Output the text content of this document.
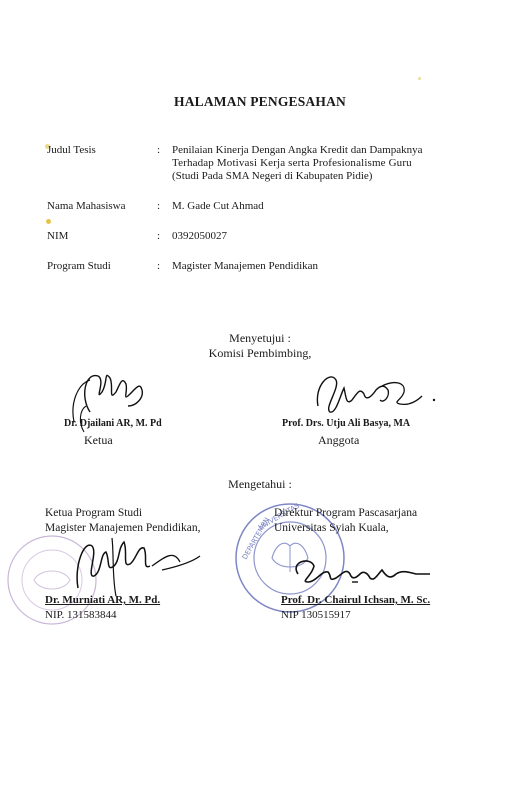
HALAMAN PENGESAHAN
Judul Tesis	: Penilaian Kinerja Dengan Angka Kredit dan Dampaknya
Terhadap Motivasi Kerja serta Profesionalisme Guru
(Studi Pada SMA Negeri di Kabupaten Pidie)
Nama Mahasiswa	: M. Gade Cut Ahmad
NIM	: 0392050027
Program Studi	: Magister Manajemen Pendidikan
Menyetujui :
Komisi Pembimbing,
Dr. Djailani AR, M. Pd
Ketua
Prof. Drs. Utju Ali Basya, MA
Anggota
Mengetahui :
Ketua Program Studi
Magister Manajemen Pendidikan,
Dr. Murniati AR, M. Pd.
NIP. 131583844
DEPARTEMEN
UNIVERSITAS
Direktur Program Pascasarjana
Universitas Syiah Kuala,
Prof. Dr. Chairul Ichsan, M. Sc.
NIP 130515917
